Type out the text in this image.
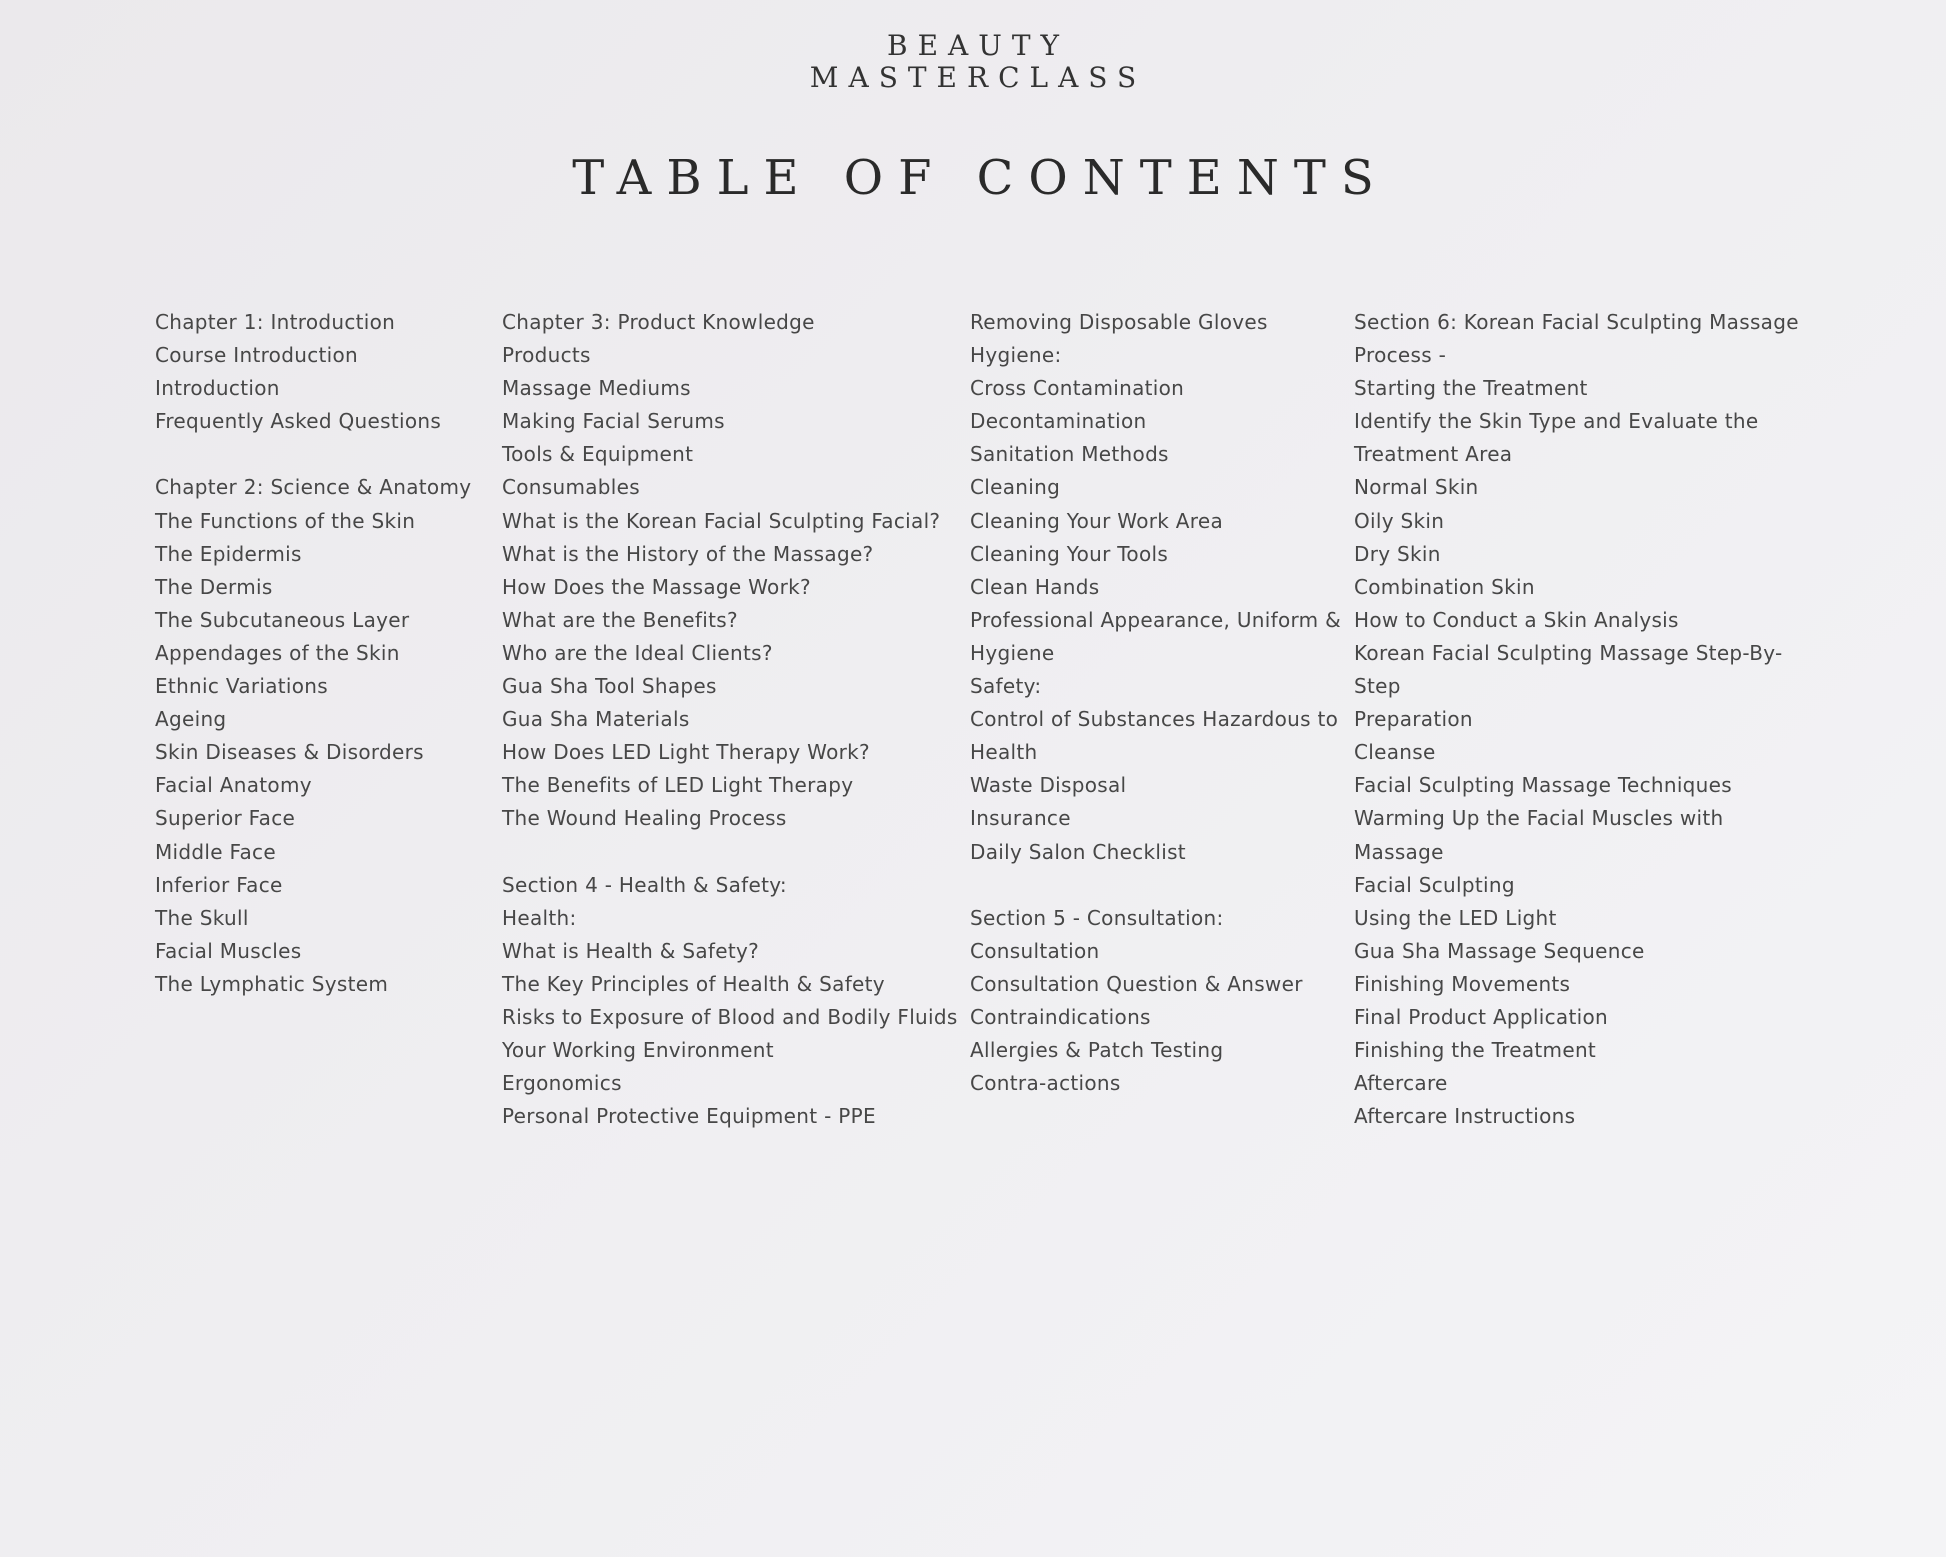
BEAUTY
MASTERCLASS
TABLE OF CONTENTS
Chapter 1: Introduction
Course Introduction
Introduction
Frequently Asked Questions
Chapter 2: Science & Anatomy
The Functions of the Skin
The Epidermis
The Dermis
The Subcutaneous Layer
Appendages of the Skin
Ethnic Variations
Ageing
Skin Diseases & Disorders
Facial Anatomy
Superior Face
Middle Face
Inferior Face
The Skull
Facial Muscles
The Lymphatic System
Chapter 3: Product Knowledge
Products
Massage Mediums
Making Facial Serums
Tools & Equipment
Consumables
What is the Korean Facial Sculpting Facial?
What is the History of the Massage?
How Does the Massage Work?
What are the Benefits?
Who are the Ideal Clients?
Gua Sha Tool Shapes
Gua Sha Materials
How Does LED Light Therapy Work?
The Benefits of LED Light Therapy
The Wound Healing Process
Section 4 - Health & Safety:
Health:
What is Health & Safety?
The Key Principles of Health & Safety
Risks to Exposure of Blood and Bodily Fluids
Your Working Environment
Ergonomics
Personal Protective Equipment - PPE
Removing Disposable Gloves
Hygiene:
Cross Contamination
Decontamination
Sanitation Methods
Cleaning
Cleaning Your Work Area
Cleaning Your Tools
Clean Hands
Professional Appearance, Uniform &
Hygiene
Safety:
Control of Substances Hazardous to
Health
Waste Disposal
Insurance
Daily Salon Checklist
Section 5 - Consultation:
Consultation
Consultation Question & Answer
Contraindications
Allergies & Patch Testing
Contra-actions
Section 6: Korean Facial Sculpting Massage
Process -
Starting the Treatment
Identify the Skin Type and Evaluate the
Treatment Area
Normal Skin
Oily Skin
Dry Skin
Combination Skin
How to Conduct a Skin Analysis
Korean Facial Sculpting Massage Step-By-
Step
Preparation
Cleanse
Facial Sculpting Massage Techniques
Warming Up the Facial Muscles with
Massage
Facial Sculpting
Using the LED Light
Gua Sha Massage Sequence
Finishing Movements
Final Product Application
Finishing the Treatment
Aftercare
Aftercare Instructions
